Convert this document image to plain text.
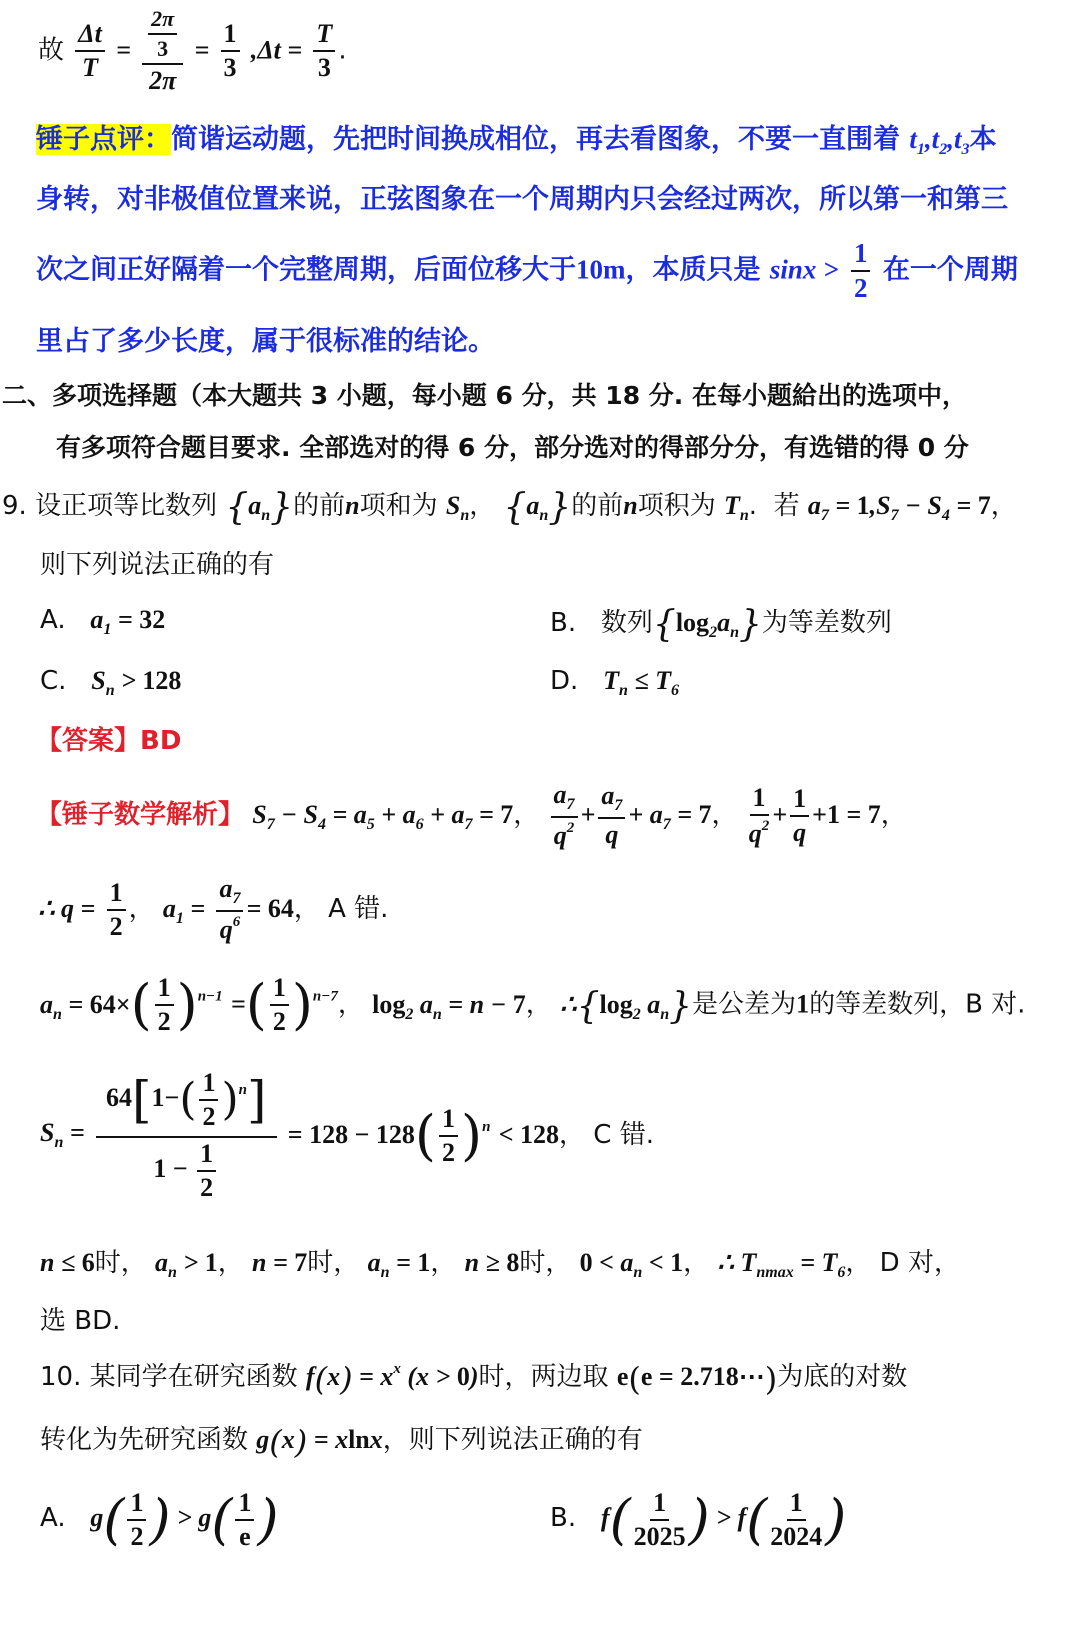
故 $\frac{\Delta t}{T} = \frac{\frac{2\pi}{3}}{2\pi} = \frac{1}{3} ,\Delta t = \frac{T}{3}$ .
锤子点评：简谐运动题，先把时间换成相位，再去看图象，不要一直围着 $t_1,t_2,t_3$本
身转，对非极值位置来说，正弦图象在一个周期内只会经过两次，所以第一和第三
次之间正好隔着一个完整周期，后面位移大于10m，本质只是 $\sin x > \frac{1}{2}$ 在一个周期
里占了多少长度，属于很标准的结论。
二、多项选择题（本大题共 3 小题，每小题 6 分，共 18 分. 在每小题給出的选项中，
有多项符合题目要求. 全部选对的得 6 分，部分选对的得部分分，有选错的得 0 分
9. 设正项等比数列 $\{a_n\}$的前n项和为 $S_n$， $\{a_n\}$的前n项积为 $T_n$.  若 $a_7 = 1,S_7 - S_4 = 7$，
则下列说法正确的有
A. $a_1 = 32$	B. 数列$\{\log_2a_n\}$为等差数列
C. $S_n > 128$	D. $T_n \le T_6$
【答案】BD
【锤子数学解析】 $S_7 - S_4 = a_5 + a_6 + a_7 = 7$， $\frac{a_7}{q^2} + \frac{a_7}{q} + a_7 = 7$， $\frac{1}{q^2} + \frac{1}{q} +1 = 7$，
∴ $q = \frac{1}{2}$ ， $a_1 = \frac{a_7}{q^6} = 64$， A 错.
$a_n = 64\times( \frac{1}{2} )^{n-1}$ =( $\frac{1}{2} )^{n-7}$， $\log_2 a_n = n - 7$， $\therefore\{\log_2$ $a_n$}是公差为1的等差数列，B 对.
$S_n = \frac{64[1-( \frac{1}{2} )^n]}{1 - \frac{1}{2}} = 128 - 128( \frac{1}{2} )^n < 128$， C 错.
n ≤ 6时， $a_n > 1$， n = 7时， $a_n = 1$， n ≥ 8时， $0 < a_n < 1$， ∴ $T_{nmax} = T_6$， D 对，
选 BD.
10. 某同学在研究函数 $f(x) = x^x$ (x > 0)时，两边取 e(e = 2.718⋯)为底的对数
转化为先研究函数 g(x) = xlnx，则下列说法正确的有
A. $g( \frac{1}{2}$ ) > $g( \frac{1}{e}$ )	B. $f( \frac{1}{2025}$ ) > $f( \frac{1}{2024}$ )
